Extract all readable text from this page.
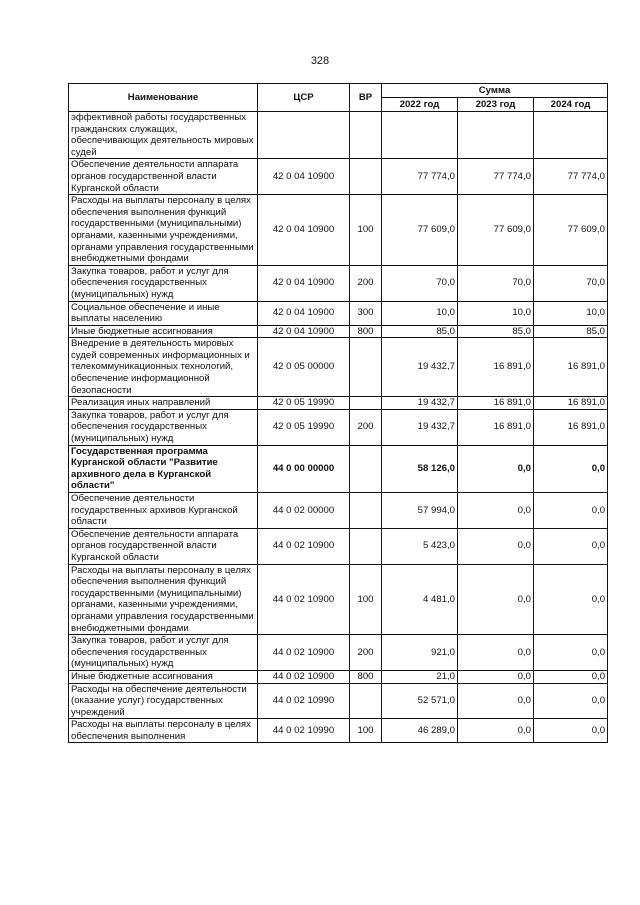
328
Наименование	ЦСР	ВР	Сумма		
			2022 год	2023 год	2024 год
эффективной работы государственных гражданских служащих, обеспечивающих деятельность мировых судей					
Обеспечение деятельности аппарата органов государственной власти Курганской области	42 0 04 10900		77 774,0	77 774,0	77 774,0
Расходы на выплаты персоналу в целях обеспечения выполнения функций государственными (муниципальными) органами, казенными учреждениями, органами управления государственными внебюджетными фондами	42 0 04 10900	100	77 609,0	77 609,0	77 609,0
Закупка товаров, работ и услуг для обеспечения государственных (муниципальных) нужд	42 0 04 10900	200	70,0	70,0	70,0
Социальное обеспечение и иные выплаты населению	42 0 04 10900	300	10,0	10,0	10,0
Иные бюджетные ассигнования	42 0 04 10900	800	85,0	85,0	85,0
Внедрение в деятельность мировых судей современных информационных и телекоммуникационных технологий, обеспечение информационной безопасности	42 0 05 00000		19 432,7	16 891,0	16 891,0
Реализация иных направлений	42 0 05 19990		19 432,7	16 891,0	16 891,0
Закупка товаров, работ и услуг для обеспечения государственных (муниципальных) нужд	42 0 05 19990	200	19 432,7	16 891,0	16 891,0
Государственная программа Курганской области "Развитие архивного дела в Курганской области"	44 0 00 00000		58 126,0	0,0	0,0
Обеспечение деятельности государственных архивов Курганской области	44 0 02 00000		57 994,0	0,0	0,0
Обеспечение деятельности аппарата органов государственной власти Курганской области	44 0 02 10900		5 423,0	0,0	0,0
Расходы на выплаты персоналу в целях обеспечения выполнения функций государственными (муниципальными) органами, казенными учреждениями, органами управления государственными внебюджетными фондами	44 0 02 10900	100	4 481,0	0,0	0,0
Закупка товаров, работ и услуг для обеспечения государственных (муниципальных) нужд	44 0 02 10900	200	921,0	0,0	0,0
Иные бюджетные ассигнования	44 0 02 10900	800	21,0	0,0	0,0
Расходы на обеспечение деятельности (оказание услуг) государственных учреждений	44 0 02 10990		52 571,0	0,0	0,0
Расходы на выплаты персоналу в целях обеспечения выполнения	44 0 02 10990	100	46 289,0	0,0	0,0
